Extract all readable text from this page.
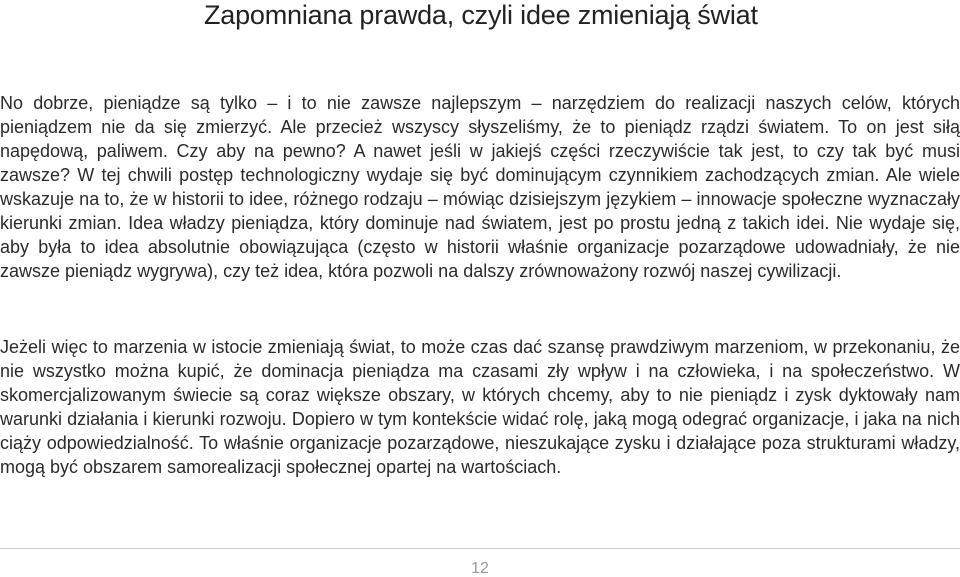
Zapomniana prawda, czyli idee zmieniają świat

No dobrze, pieniądze są tylko – i to nie zawsze najlepszym – narzędziem do realizacji naszych celów, których pieniądzem nie da się zmierzyć. Ale przecież wszyscy słyszeliśmy, że to pieniądz rządzi światem. To on jest siłą napędową, paliwem. Czy aby na pewno? A nawet jeśli w jakiejś części rzeczywiście tak jest, to czy tak być musi zawsze? W tej chwili postęp technologiczny wydaje się być dominującym czynnikiem zachodzących zmian. Ale wiele wskazuje na to, że w historii to idee, różnego rodzaju – mówiąc dzisiejszym językiem – innowacje społeczne wyznaczały kierunki zmian. Idea władzy pieniądza, który dominuje nad światem, jest po prostu jedną z takich idei. Nie wydaje się, aby była to idea absolutnie obowiązująca (często w historii właśnie organizacje pozarządowe udowadniały, że nie zawsze pieniądz wygrywa), czy też idea, która pozwoli na dalszy zrównoważony rozwój naszej cywilizacji.

Jeżeli więc to marzenia w istocie zmieniają świat, to może czas dać szansę prawdziwym marzeniom, w przekonaniu, że nie wszystko można kupić, że dominacja pieniądza ma czasami zły wpływ i na człowieka, i na społeczeństwo. W skomercjalizowanym świecie są coraz większe obszary, w których chcemy, aby to nie pieniądz i zysk dyktowały nam warunki działania i kierunki rozwoju. Dopiero w tym kontekście widać rolę, jaką mogą odegrać organizacje, i jaka na nich ciąży odpowiedzialność. To właśnie organizacje pozarządowe, nieszukające zysku i działające poza strukturami władzy, mogą być obszarem samorealizacji społecznej opartej na wartościach.

12
